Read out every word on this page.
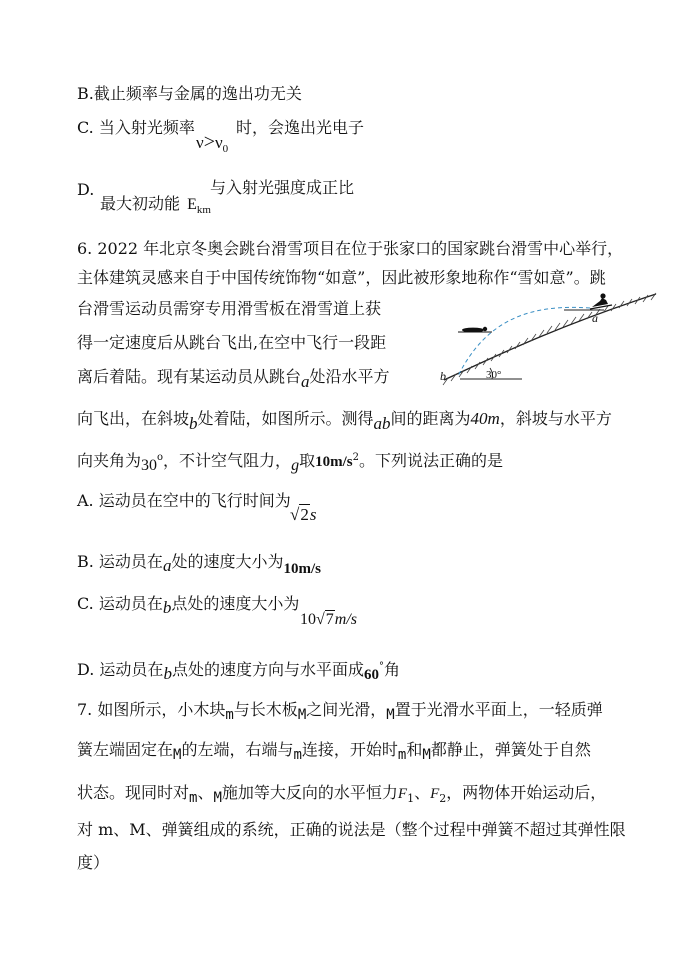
B.截止频率与金属的逸出功无关
C. 当入射光频率
$\nu>\nu_0$
时，会逸出光电子
D.
最大初动能 $E_{km}$
与入射光强度成正比
6. 2022 年北京冬奥会跳台滑雪项目在位于张家口的国家跳台滑雪中心举行，
主体建筑灵感来自于中国传统饰物“如意”，因此被形象地称作“雪如意”。跳
台滑雪运动员需穿专用滑雪板在滑雪道上获
得一定速度后从跳台飞出,在空中飞行一段距
离后着陆。现有某运动员从跳台a处沿水平方
向飞出，在斜坡b处着陆，如图所示。测得ab间的距离为40m，斜坡与水平方
向夹角为30$^o$，不计空气阻力，g取$10m/s^2$。下列说法正确的是
a
b	30°
A. 运动员在空中的飞行时间为
√2s
B. 运动员在a处的速度大小为10m/s
C. 运动员在b点处的速度大小为
10√7m/s
D. 运动员在b点处的速度方向与水平面成60°角
7. 如图所示，小木块m与长木板M之间光滑，M置于光滑水平面上，一轻质弹
簧左端固定在M的左端，右端与m连接，开始时m和M都静止，弹簧处于自然
状态。现同时对m、M施加等大反向的水平恒力$F_1$、$F_2$，两物体开始运动后，
对 m、M、弹簧组成的系统，正确的说法是（整个过程中弹簧不超过其弹性限
度）
